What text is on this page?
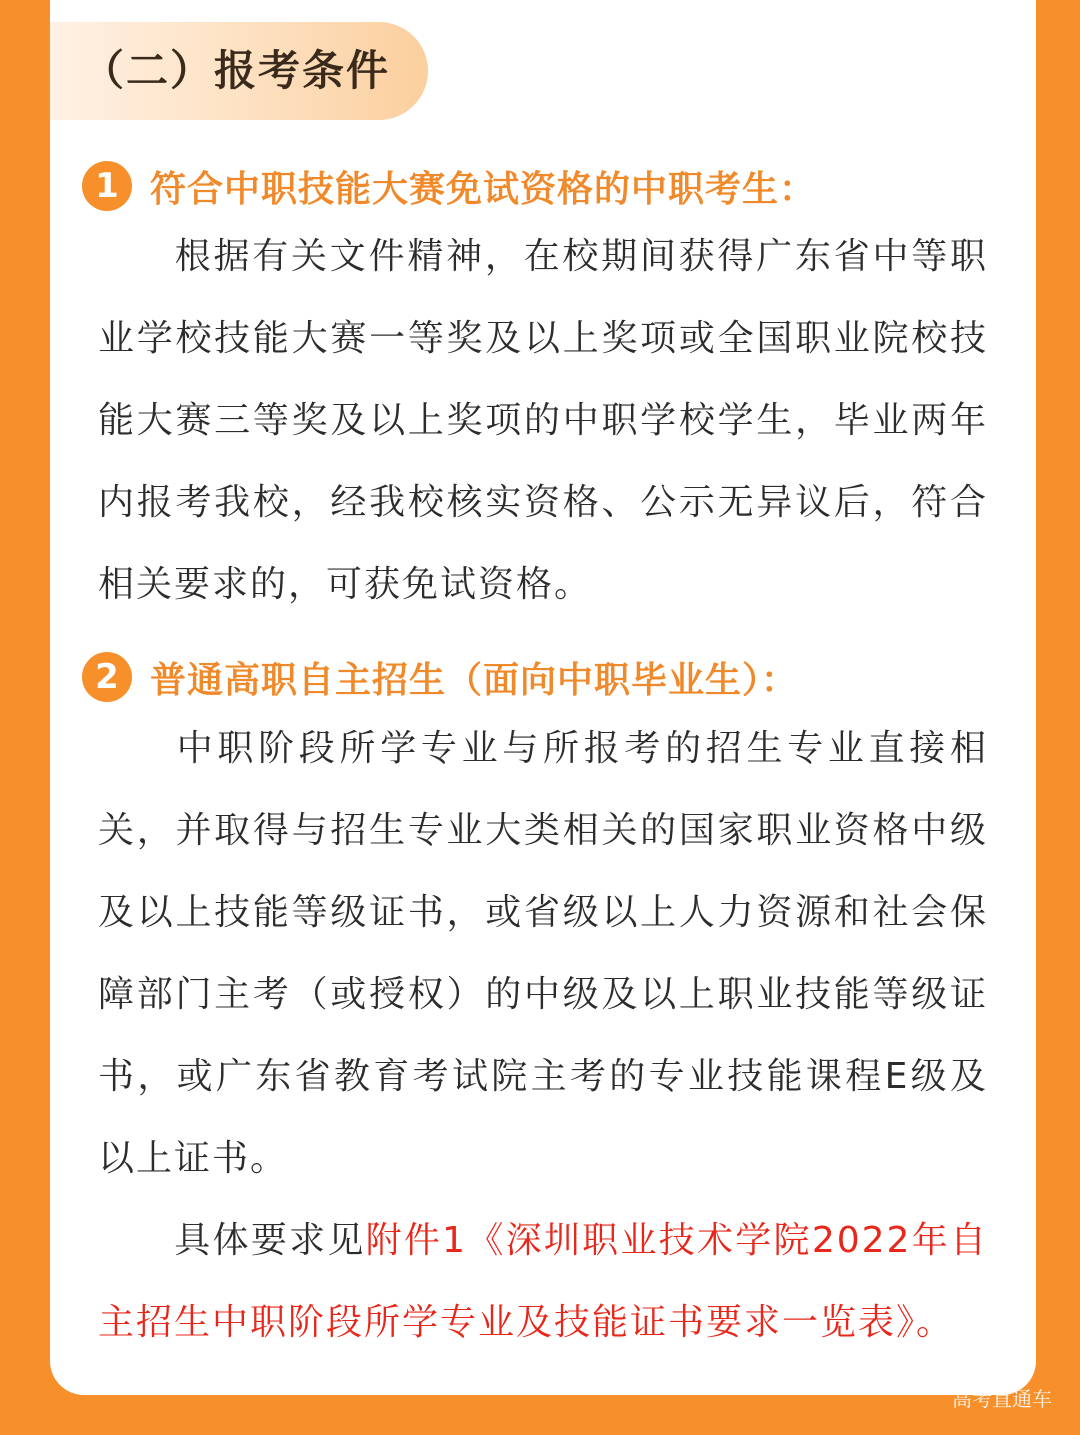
（二）报考条件
1 符合中职技能大赛免试资格的中职考生：

根据有关文件精神，在校期间获得广东省中等职业学校技能大赛一等奖及以上奖项或全国职业院校技能大赛三等奖及以上奖项的中职学校学生，毕业两年内报考我校，经我校核实资格、公示无异议后，符合相关要求的，可获免试资格。

2 普通高职自主招生（面向中职毕业生）：

中职阶段所学专业与所报考的招生专业直接相关，并取得与招生专业大类相关的国家职业资格中级及以上技能等级证书，或省级以上人力资源和社会保障部门主考（或授权）的中级及以上职业技能等级证书，或广东省教育考试院主考的专业技能课程E级及以上证书。

具体要求见附件1《深圳职业技术学院2022年自主招生中职阶段所学专业及技能证书要求一览表》。

高考直通车
